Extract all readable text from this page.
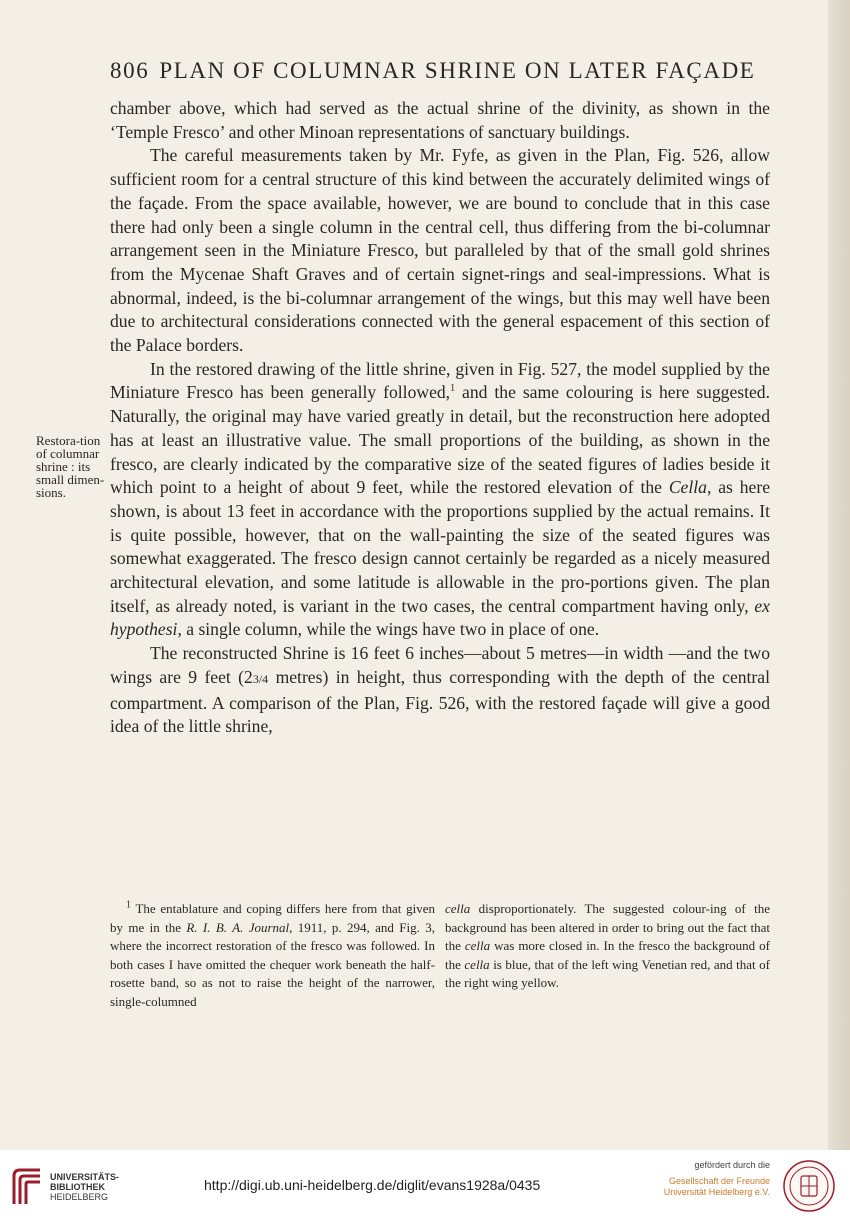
806 PLAN OF COLUMNAR SHRINE ON LATER FAÇADE
Restora-tion of columnar shrine : its small dimen-sions.

chamber above, which had served as the actual shrine of the divinity, as shown in the ‘Temple Fresco’ and other Minoan representations of sanctuary buildings.

The careful measurements taken by Mr. Fyfe, as given in the Plan, Fig. 526, allow sufficient room for a central structure of this kind between the accurately delimited wings of the façade. From the space available, however, we are bound to conclude that in this case there had only been a single column in the central cell, thus differing from the bi-columnar arrangement seen in the Miniature Fresco, but paralleled by that of the small gold shrines from the Mycenae Shaft Graves and of certain signet-rings and seal-impressions. What is abnormal, indeed, is the bi-columnar arrangement of the wings, but this may well have been due to architectural considerations connected with the general espacement of this section of the Palace borders.

In the restored drawing of the little shrine, given in Fig. 527, the model supplied by the Miniature Fresco has been generally followed,$^1$ and the same colouring is here suggested. Naturally, the original may have varied greatly in detail, but the reconstruction here adopted has at least an illustrative value. The small proportions of the building, as shown in the fresco, are clearly indicated by the comparative size of the seated figures of ladies beside it which point to a height of about 9 feet, while the restored elevation of the Cella, as here shown, is about 13 feet in accordance with the proportions supplied by the actual remains. It is quite possible, however, that on the wall-painting the size of the seated figures was somewhat exaggerated. The fresco design cannot certainly be regarded as a nicely measured architectural elevation, and some latitude is allowable in the pro-portions given. The plan itself, as already noted, is variant in the two cases, the central compartment having only, ex hypothesi, a single column, while the wings have two in place of one.

The reconstructed Shrine is 16 feet 6 inches—about 5 metres—in width —and the two wings are 9 feet (23/4 metres) in height, thus corresponding with the depth of the central compartment. A comparison of the Plan, Fig. 526, with the restored façade will give a good idea of the little shrine,

$^1$ The entablature and coping differs here from that given by me in the R. I. B. A. Journal, 1911, p. 294, and Fig. 3, where the incorrect restoration of the fresco was followed. In both cases I have omitted the chequer work beneath the half-rosette band, so as not to raise the height of the narrower, single-columned

cella disproportionately. The suggested colour-ing of the background has been altered in order to bring out the fact that the cella was more closed in. In the fresco the background of the cella is blue, that of the left wing Venetian red, and that of the right wing yellow.

UNIVERSITÄTS-
BIBLIOTHEK
HEIDELBERG
http://digi.ub.uni-heidelberg.de/diglit/evans1928a/0435
gefördert durch die
Gesellschaft der Freunde
Universität Heidelberg e.V.
